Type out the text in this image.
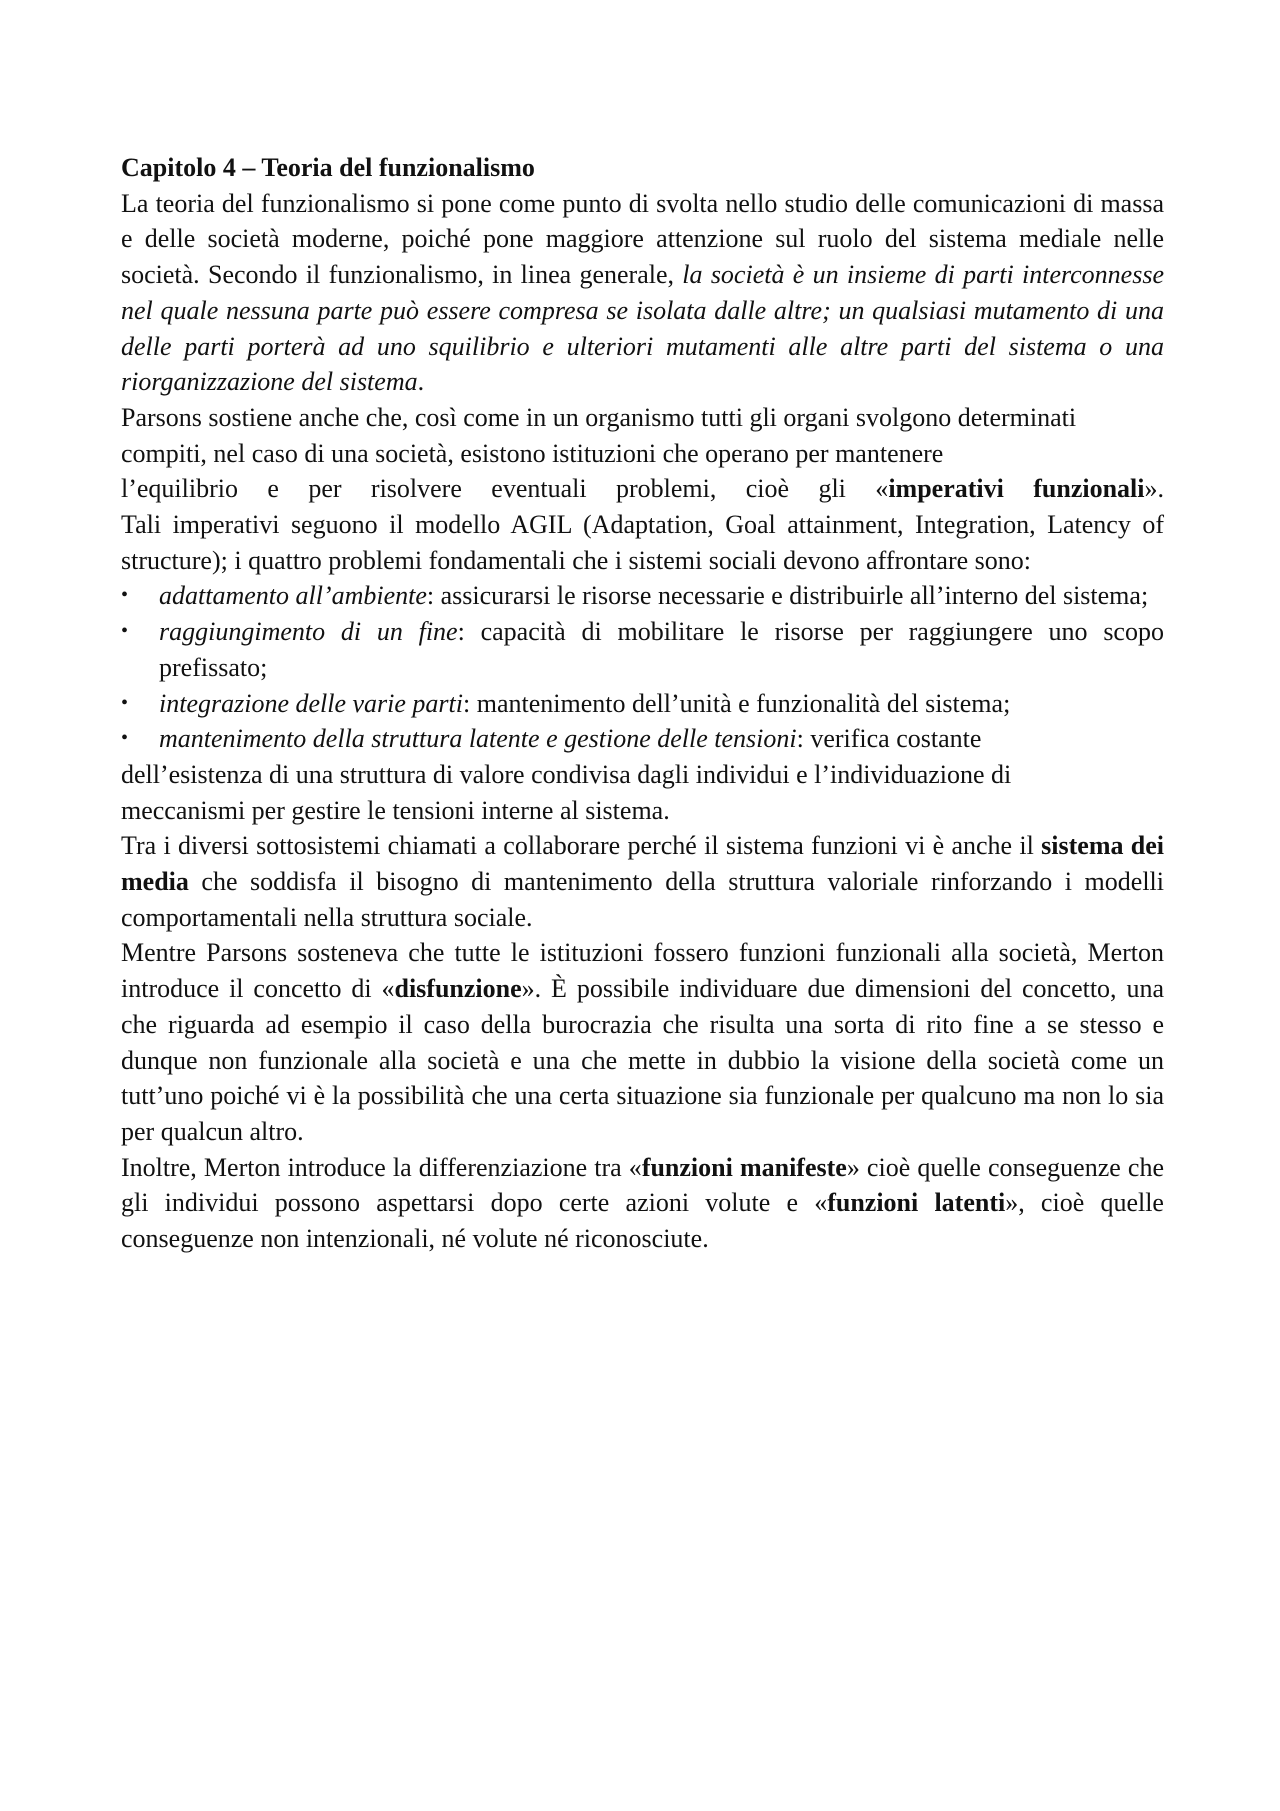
Capitolo 4 – Teoria del funzionalismo

La teoria del funzionalismo si pone come punto di svolta nello studio delle comunicazioni di massa e delle società moderne, poiché pone maggiore attenzione sul ruolo del sistema mediale nelle società. Secondo il funzionalismo, in linea generale, la società è un insieme di parti interconnesse nel quale nessuna parte può essere compresa se isolata dalle altre; un qualsiasi mutamento di una delle parti porterà ad uno squilibrio e ulteriori mutamenti alle altre parti del sistema o una riorganizzazione del sistema.

Parsons sostiene anche che, così come in un organismo tutti gli organi svolgono determinati compiti, nel caso di una società, esistono istituzioni che operano per mantenere

l’equilibrio e per risolvere eventuali problemi, cioè gli «imperativi funzionali».

Tali imperativi seguono il modello AGIL (Adaptation, Goal attainment, Integration, Latency of structure); i quattro problemi fondamentali che i sistemi sociali devono affrontare sono:

• adattamento all’ambiente: assicurarsi le risorse necessarie e distribuirle all’interno del sistema;
• raggiungimento di un fine: capacità di mobilitare le risorse per raggiungere uno scopo prefissato;
• integrazione delle varie parti: mantenimento dell’unità e funzionalità del sistema;
• mantenimento della struttura latente e gestione delle tensioni: verifica costante

dell’esistenza di una struttura di valore condivisa dagli individui e l’individuazione di

meccanismi per gestire le tensioni interne al sistema.

Tra i diversi sottosistemi chiamati a collaborare perché il sistema funzioni vi è anche il sistema dei media che soddisfa il bisogno di mantenimento della struttura valoriale rinforzando i modelli comportamentali nella struttura sociale.

Mentre Parsons sosteneva che tutte le istituzioni fossero funzioni funzionali alla società, Merton introduce il concetto di «disfunzione». È possibile individuare due dimensioni del concetto, una che riguarda ad esempio il caso della burocrazia che risulta una sorta di rito fine a se stesso e dunque non funzionale alla società e una che mette in dubbio la visione della società come un tutt’uno poiché vi è la possibilità che una certa situazione sia funzionale per qualcuno ma non lo sia per qualcun altro.

Inoltre, Merton introduce la differenziazione tra «funzioni manifeste» cioè quelle conseguenze che gli individui possono aspettarsi dopo certe azioni volute e «funzioni latenti», cioè quelle conseguenze non intenzionali, né volute né riconosciute.
